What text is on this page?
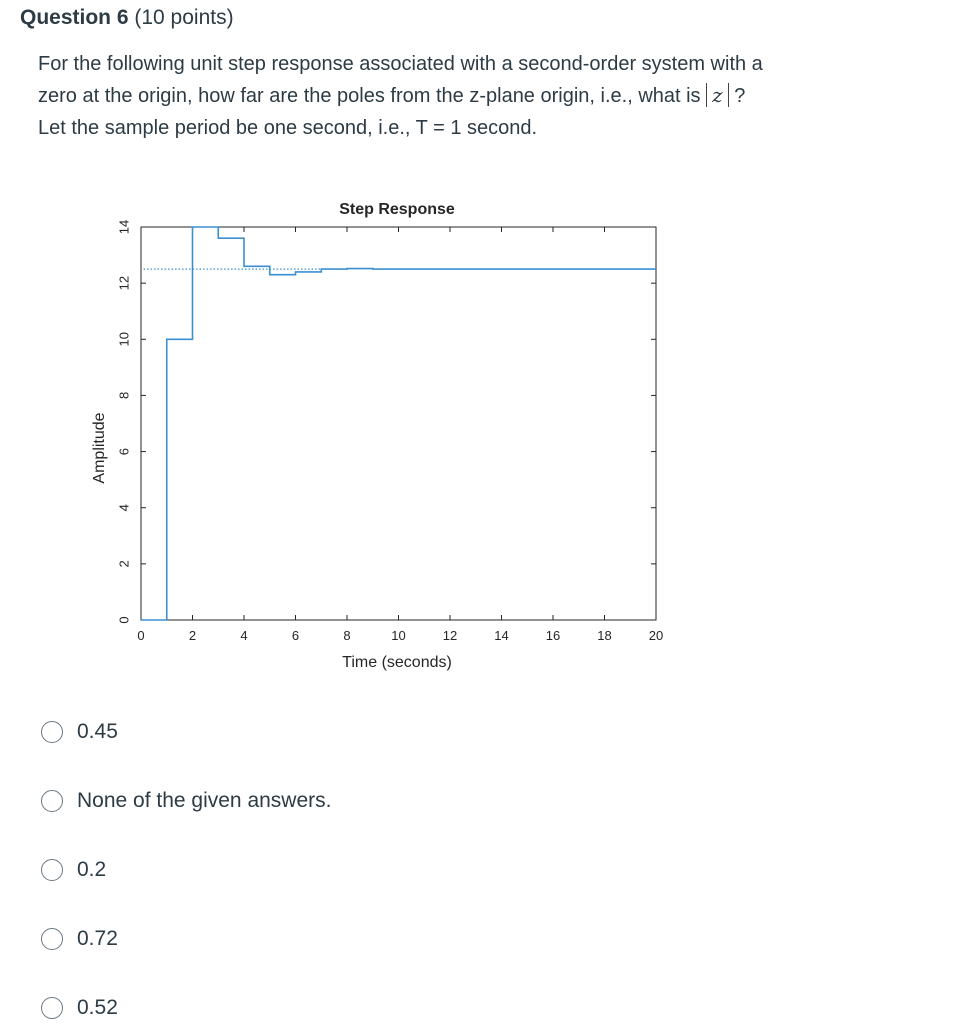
Question 6 (10 points)
For the following unit step response associated with a second-order system with a
zero at the origin, how far are the poles from the z-plane origin, i.e., what is z ?
Let the sample period be one second, i.e., T = 1 second.
Step Response
Time (seconds)
Amplitude
0	2	4	6	8	10	12	14	16	18	20
0
2
4
6
8
10
12
14
0.45
None of the given answers.
0.2
0.72
0.52
